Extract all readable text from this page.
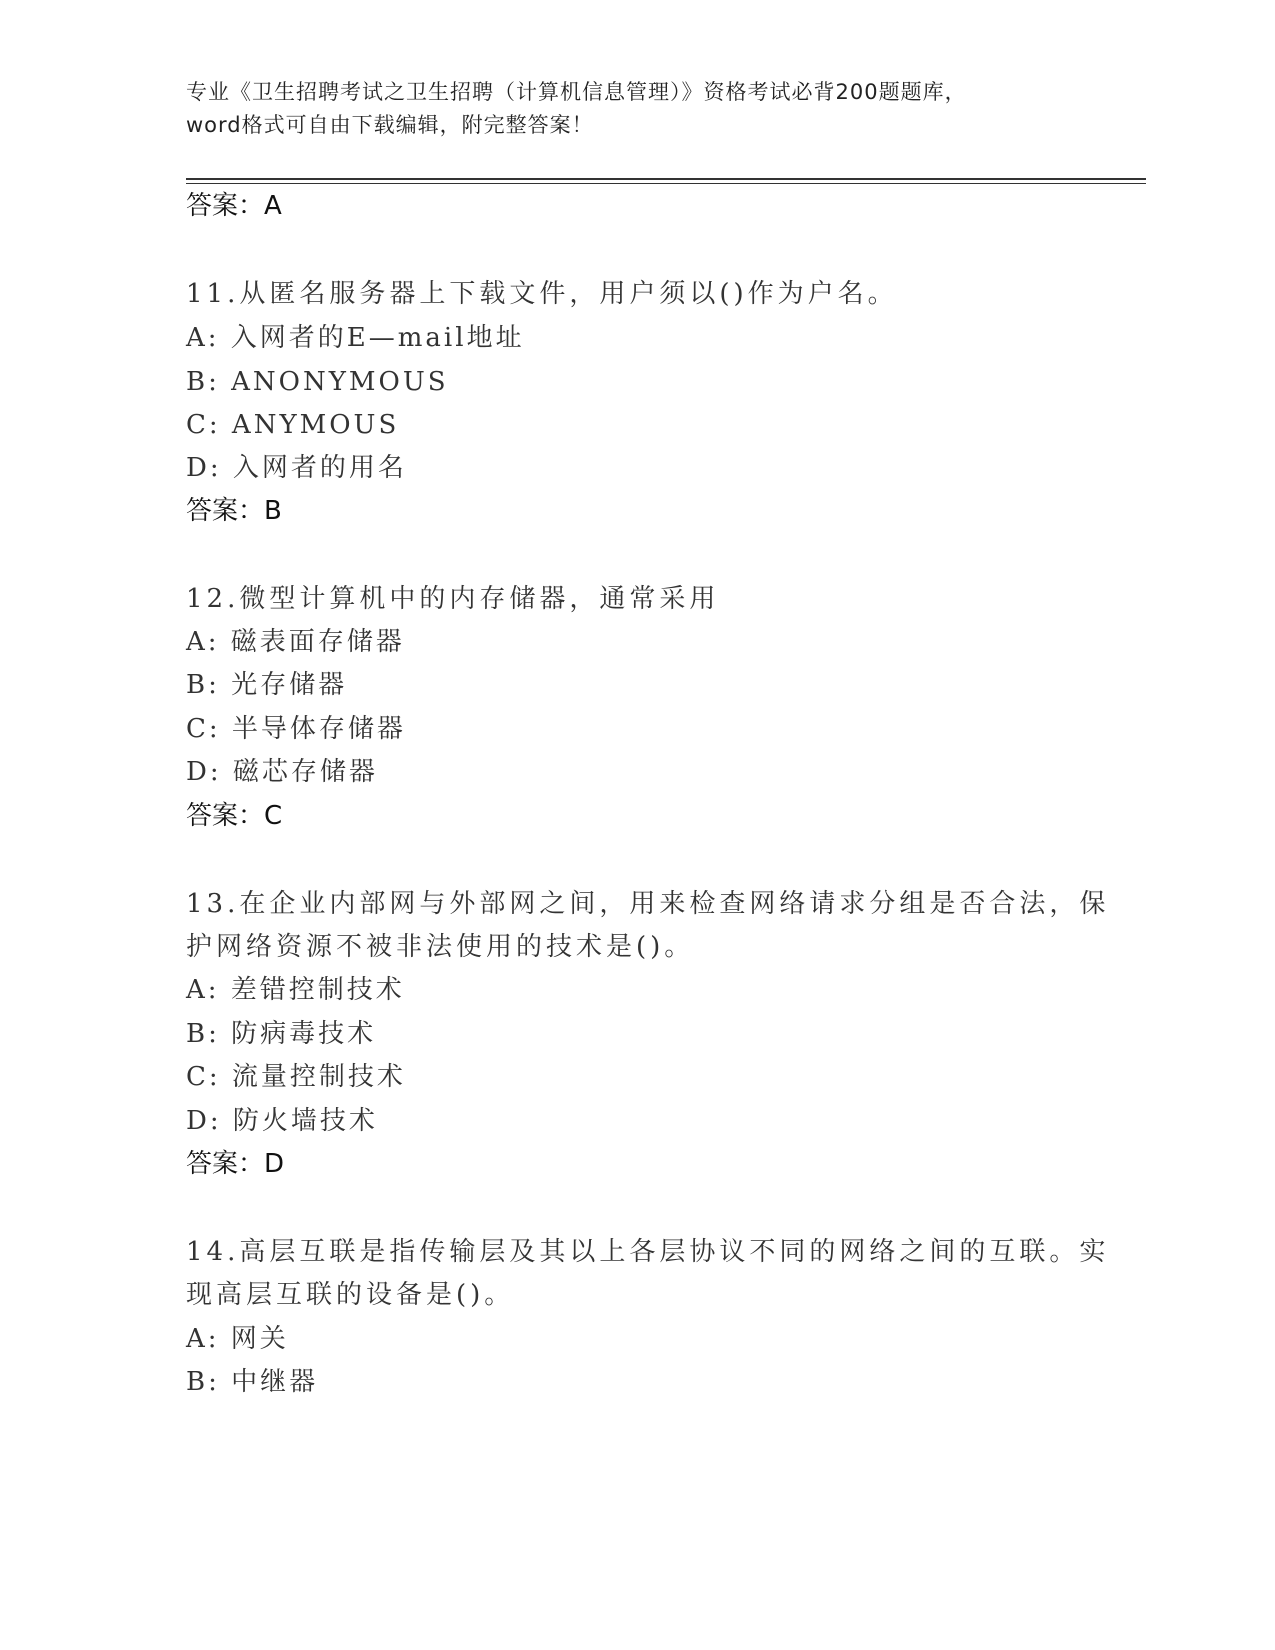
专业《卫生招聘考试之卫生招聘（计算机信息管理）》资格考试必背200题题库，
word格式可自由下载编辑，附完整答案！
答案：A
11.从匿名服务器上下载文件，用户须以()作为户名。
A: 入网者的E—mail地址
B: ANONYMOUS
C: ANYMOUS
D: 入网者的用名
答案：B
12.微型计算机中的内存储器，通常采用
A: 磁表面存储器
B: 光存储器
C: 半导体存储器
D: 磁芯存储器
答案：C
13.在企业内部网与外部网之间，用来检查网络请求分组是否合法，保
护网络资源不被非法使用的技术是()。
A: 差错控制技术
B: 防病毒技术
C: 流量控制技术
D: 防火墙技术
答案：D
14.高层互联是指传输层及其以上各层协议不同的网络之间的互联。实
现高层互联的设备是()。
A: 网关
B: 中继器
